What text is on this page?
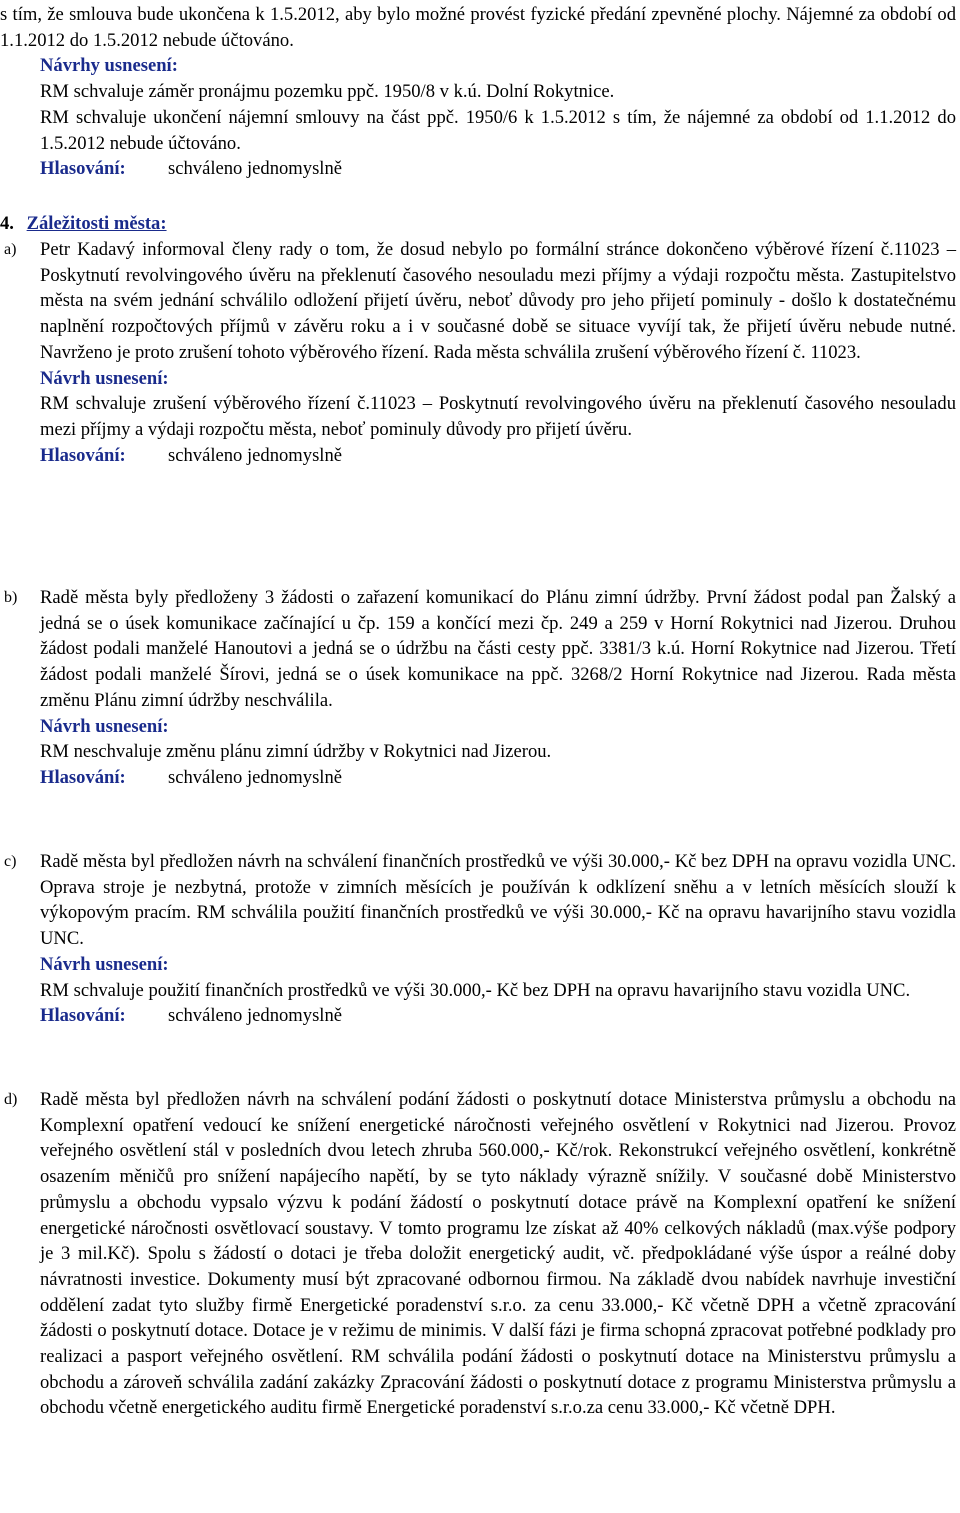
s tím, že smlouva bude ukončena k 1.5.2012, aby bylo možné provést fyzické předání zpevněné plochy. Nájemné za období od 1.1.2012 do 1.5.2012 nebude účtováno.

Návrhy usnesení:

RM schvaluje záměr pronájmu pozemku ppč. 1950/8 v k.ú. Dolní Rokytnice.

RM schvaluje ukončení nájemní smlouvy na část ppč. 1950/6 k 1.5.2012 s tím, že nájemné za období od 1.1.2012 do 1.5.2012 nebude účtováno.

Hlasování: schváleno jednomyslně

4. Záležitosti města:
a) Petr Kadavý informoval členy rady o tom, že dosud nebylo po formální stránce dokončeno výběrové řízení č.11023 – Poskytnutí revolvingového úvěru na překlenutí časového nesouladu mezi příjmy a výdaji rozpočtu města. Zastupitelstvo města na svém jednání schválilo odložení přijetí úvěru, neboť důvody pro jeho přijetí pominuly - došlo k dostatečnému naplnění rozpočtových příjmů v závěru roku a i v současné době se situace vyvíjí tak, že přijetí úvěru nebude nutné. Navrženo je proto zrušení tohoto výběrového řízení. Rada města schválila zrušení výběrového řízení č. 11023.

Návrh usnesení:

RM schvaluje zrušení výběrového řízení č.11023 – Poskytnutí revolvingového úvěru na překlenutí časového nesouladu mezi příjmy a výdaji rozpočtu města, neboť pominuly důvody pro přijetí úvěru.

Hlasování: schváleno jednomyslně

b) Radě města byly předloženy 3 žádosti o zařazení komunikací do Plánu zimní údržby. První žádost podal pan Žalský a jedná se o úsek komunikace začínající u čp. 159 a končící mezi čp. 249 a 259 v Horní Rokytnici nad Jizerou. Druhou žádost podali manželé Hanoutovi a jedná se o údržbu na části cesty ppč. 3381/3 k.ú. Horní Rokytnice nad Jizerou. Třetí žádost podali manželé Šírovi, jedná se o úsek komunikace na ppč. 3268/2 Horní Rokytnice nad Jizerou. Rada města změnu Plánu zimní údržby neschválila.

Návrh usnesení:

RM neschvaluje změnu plánu zimní údržby v Rokytnici nad Jizerou.

Hlasování: schváleno jednomyslně

c) Radě města byl předložen návrh na schválení finančních prostředků ve výši 30.000,- Kč bez DPH na opravu vozidla UNC. Oprava stroje je nezbytná, protože v zimních měsících je používán k odklízení sněhu a v letních měsících slouží k výkopovým pracím. RM schválila použití finančních prostředků ve výši 30.000,- Kč na opravu havarijního stavu vozidla UNC.

Návrh usnesení:

RM schvaluje použití finančních prostředků ve výši 30.000,- Kč bez DPH na opravu havarijního stavu vozidla UNC.

Hlasování: schváleno jednomyslně

d) Radě města byl předložen návrh na schválení podání žádosti o poskytnutí dotace Ministerstva průmyslu a obchodu na Komplexní opatření vedoucí ke snížení energetické náročnosti veřejného osvětlení v Rokytnici nad Jizerou. Provoz veřejného osvětlení stál v posledních dvou letech zhruba 560.000,- Kč/rok. Rekonstrukcí veřejného osvětlení, konkrétně osazením měničů pro snížení napájecího napětí, by se tyto náklady výrazně snížily. V současné době Ministerstvo průmyslu a obchodu vypsalo výzvu k podání žádostí o poskytnutí dotace právě na Komplexní opatření ke snížení energetické náročnosti osvětlovací soustavy. V tomto programu lze získat až 40% celkových nákladů (max.výše podpory je 3 mil.Kč). Spolu s žádostí o dotaci je třeba doložit energetický audit, vč. předpokládané výše úspor a reálné doby návratnosti investice. Dokumenty musí být zpracované odbornou firmou. Na základě dvou nabídek navrhuje investiční oddělení zadat tyto služby firmě Energetické poradenství s.r.o. za cenu 33.000,- Kč včetně DPH a včetně zpracování žádosti o poskytnutí dotace. Dotace je v režimu de minimis. V další fázi je firma schopná zpracovat potřebné podklady pro realizaci a pasport veřejného osvětlení. RM schválila podání žádosti o poskytnutí dotace na Ministerstvu průmyslu a obchodu a zároveň schválila zadání zakázky Zpracování žádosti o poskytnutí dotace z programu Ministerstva průmyslu a obchodu včetně energetického auditu firmě Energetické poradenství s.r.o.za cenu 33.000,- Kč včetně DPH.
